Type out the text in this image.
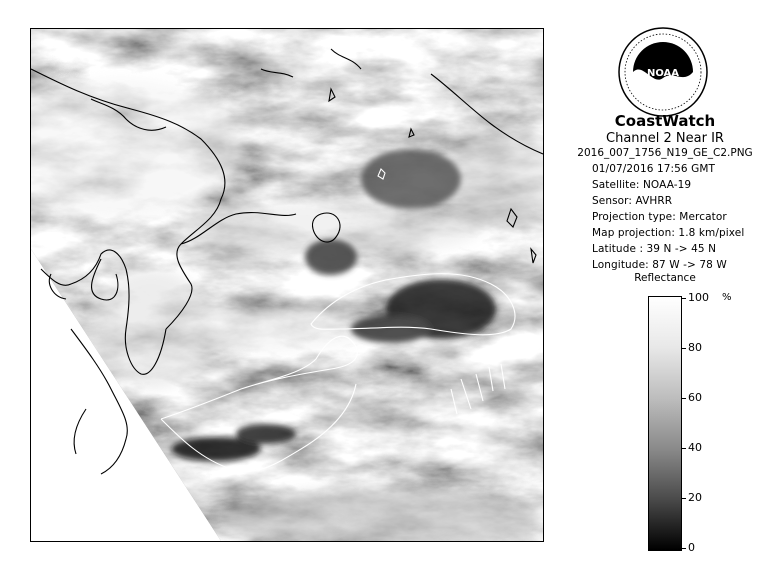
NOAA
CoastWatch
Channel 2 Near IR
2016_007_1756_N19_GE_C2.PNG
01/07/2016 17:56 GMT
Satellite: NOAA-19
Sensor: AVHRR
Projection type: Mercator
Map projection: 1.8 km/pixel
Latitude : 39 N -> 45 N
Longitude: 87 W -> 78 W
Reflectance
%
100
80
60
40
20
0
